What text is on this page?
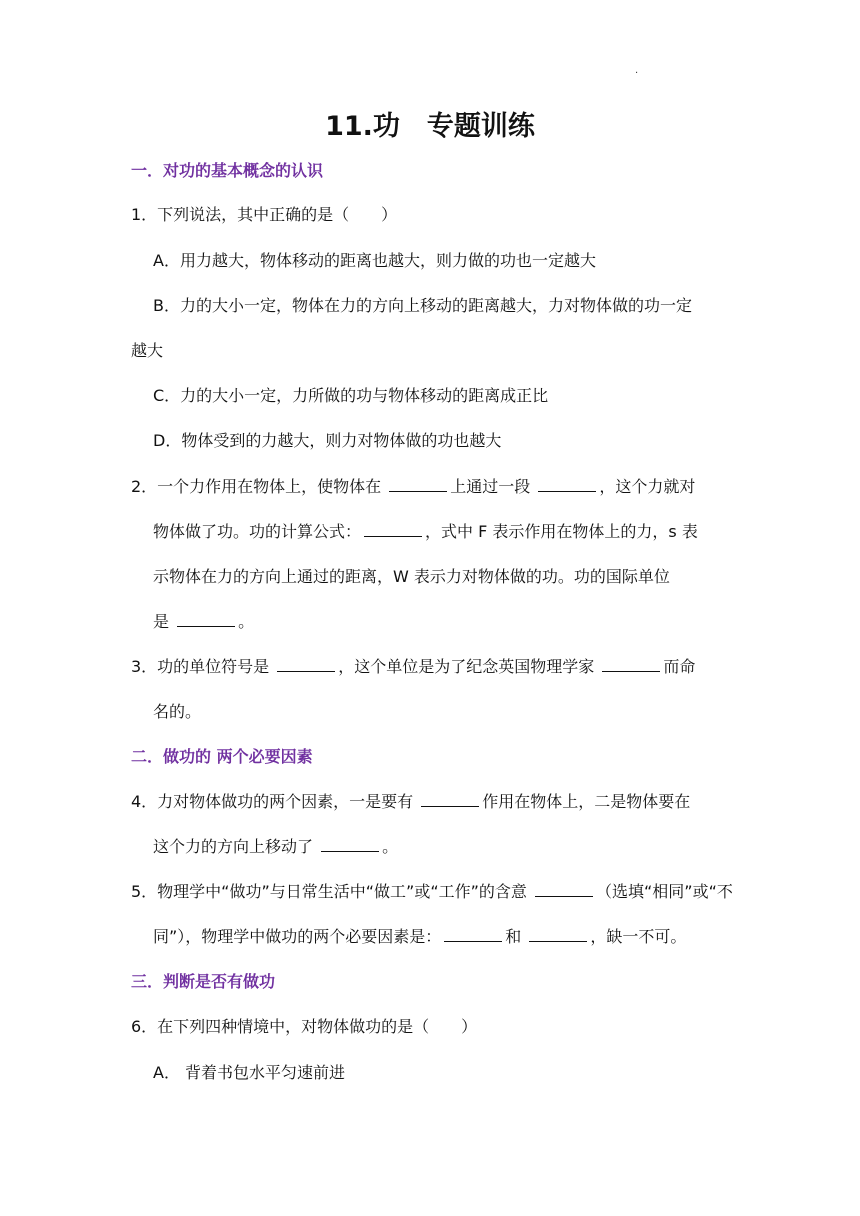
.
11.功　专题训练
一．对功的基本概念的认识
1．下列说法，其中正确的是（　　）
A．用力越大，物体移动的距离也越大，则力做的功也一定越大
B．力的大小一定，物体在力的方向上移动的距离越大，力对物体做的功一定
越大
C．力的大小一定，力所做的功与物体移动的距离成正比
D．物体受到的力越大，则力对物体做的功也越大
2．一个力作用在物体上，使物体在	上通过一段	，这个力就对
物体做了功。功的计算公式：	，式中 F 表示作用在物体上的力，s 表
示物体在力的方向上通过的距离，W 表示力对物体做的功。功的国际单位
是	。
3．功的单位符号是	，这个单位是为了纪念英国物理学家	而命
名的。
二．做功的 两个必要因素
4．力对物体做功的两个因素，一是要有	作用在物体上，二是物体要在
这个力的方向上移动了	。
5．物理学中“做功”与日常生活中“做工”或“工作”的含意	（选填“相同”或“不
同”），物理学中做功的两个必要因素是：	和	，缺一不可。
三．判断是否有做功
6．在下列四种情境中，对物体做功的是（　　）
A． 背着书包水平匀速前进
